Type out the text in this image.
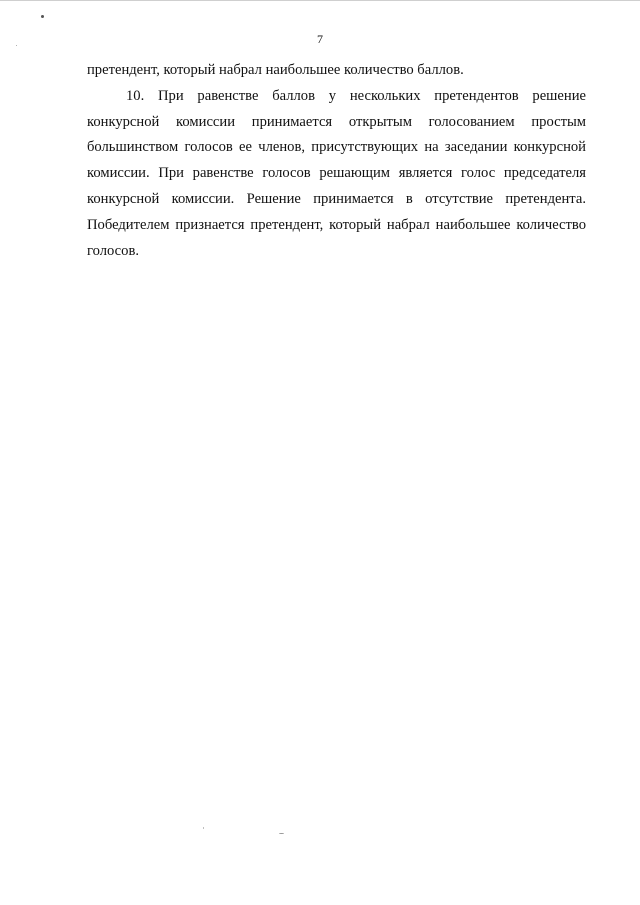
7

претендент, который набрал наибольшее количество баллов.

10. При равенстве баллов у нескольких претендентов решение конкурсной комиссии принимается открытым голосованием простым большинством голосов ее членов, присутствующих на заседании конкурсной комиссии. При равенстве голосов решающим является голос председателя конкурсной комиссии. Решение принимается в отсутствие претендента. Победителем признается претендент, который набрал наибольшее количество голосов.
